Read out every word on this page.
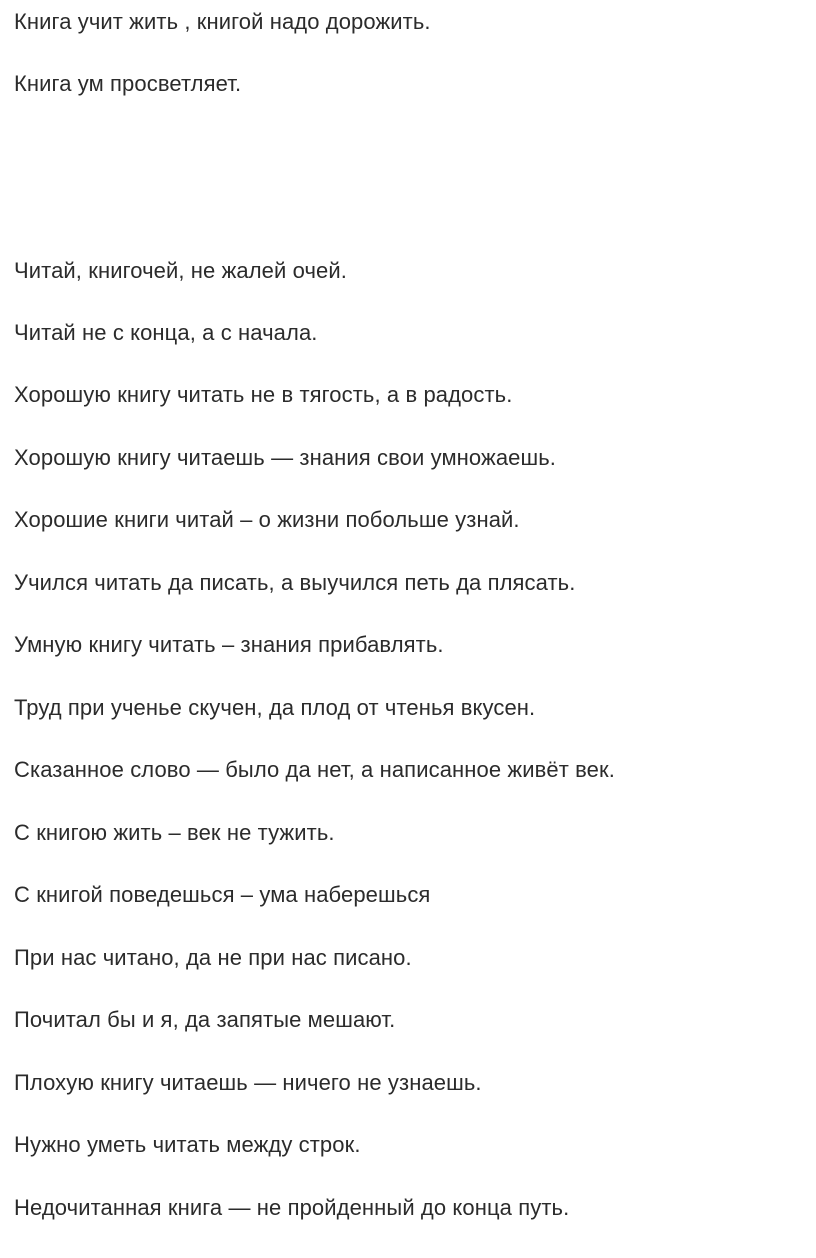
Книга учит жить , книгой надо дорожить.

Книга ум просветляет.

Читай, книгочей, не жалей очей.

Читай не с конца, а с начала.

Хорошую книгу читать не в тягость, а в радость.

Хорошую книгу читаешь — знания свои умножаешь.

Хорошие книги читай – о жизни побольше узнай.

Учился читать да писать, а выучился петь да плясать.

Умную книгу читать – знания прибавлять.

Труд при ученье скучен, да плод от чтенья вкусен.

Сказанное слово — было да нет, а написанное живёт век.

С книгою жить – век не тужить.

С книгой поведешься – ума наберешься

При нас читано, да не при нас писано.

Почитал бы и я, да запятые мешают.

Плохую книгу читаешь — ничего не узнаешь.

Нужно уметь читать между строк.

Недочитанная книга — не пройденный до конца путь.
